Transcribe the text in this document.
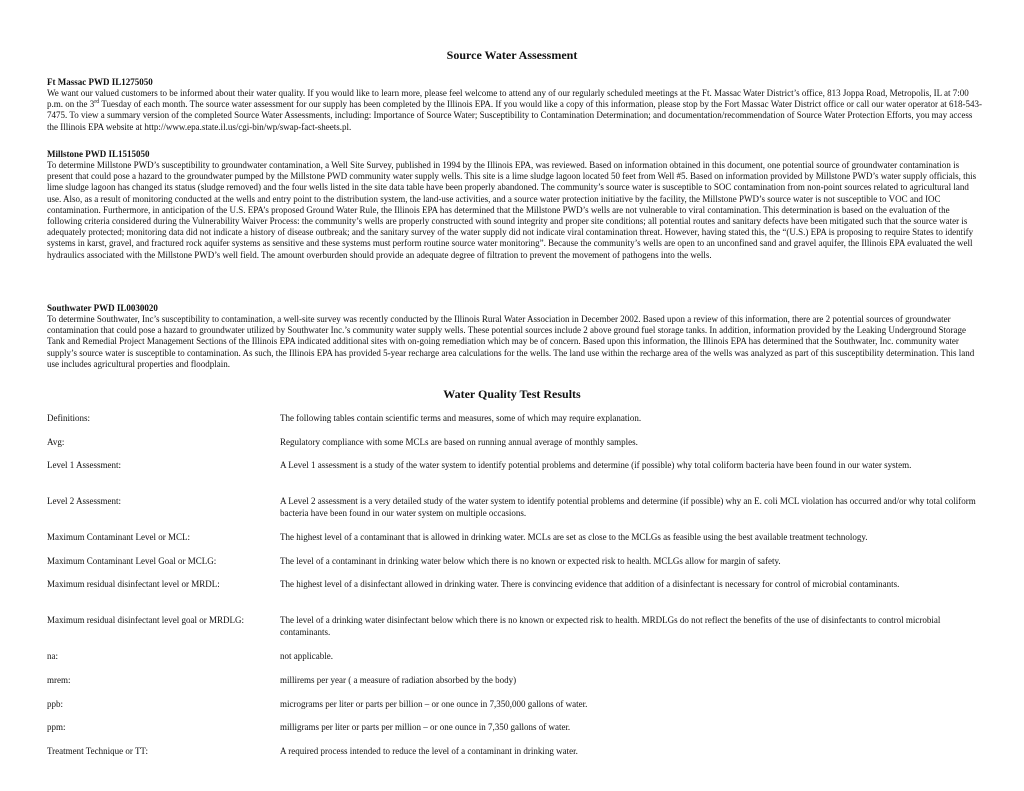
Source Water Assessment
Ft Massac PWD IL1275050
We want our valued customers to be informed about their water quality. If you would like to learn more, please feel welcome to attend any of our regularly scheduled meetings at the Ft. Massac Water District’s office, 813 Joppa Road, Metropolis, IL at 7:00 p.m. on the 3rd Tuesday of each month. The source water assessment for our supply has been completed by the Illinois EPA. If you would like a copy of this information, please stop by the Fort Massac Water District office or call our water operator at 618-543-7475. To view a summary version of the completed Source Water Assessments, including: Importance of Source Water; Susceptibility to Contamination Determination; and documentation/recommendation of Source Water Protection Efforts, you may access the Illinois EPA website at http://www.epa.state.il.us/cgi-bin/wp/swap-fact-sheets.pl.
Millstone PWD IL1515050
To determine Millstone PWD’s susceptibility to groundwater contamination, a Well Site Survey, published in 1994 by the Illinois EPA, was reviewed. Based on information obtained in this document, one potential source of groundwater contamination is present that could pose a hazard to the groundwater pumped by the Millstone PWD community water supply wells. This site is a lime sludge lagoon located 50 feet from Well #5. Based on information provided by Millstone PWD’s water supply officials, this lime sludge lagoon has changed its status (sludge removed) and the four wells listed in the site data table have been properly abandoned. The community’s source water is susceptible to SOC contamination from non-point sources related to agricultural land use. Also, as a result of monitoring conducted at the wells and entry point to the distribution system, the land-use activities, and a source water protection initiative by the facility, the Millstone PWD’s source water is not susceptible to VOC and IOC contamination. Furthermore, in anticipation of the U.S. EPA’s proposed Ground Water Rule, the Illinois EPA has determined that the Millstone PWD’s wells are not vulnerable to viral contamination. This determination is based on the evaluation of the following criteria considered during the Vulnerability Waiver Process: the community’s wells are properly constructed with sound integrity and proper site conditions; all potential routes and sanitary defects have been mitigated such that the source water is adequately protected; monitoring data did not indicate a history of disease outbreak; and the sanitary survey of the water supply did not indicate viral contamination threat. However, having stated this, the “(U.S.) EPA is proposing to require States to identify systems in karst, gravel, and fractured rock aquifer systems as sensitive and these systems must perform routine source water monitoring”. Because the community’s wells are open to an unconfined sand and gravel aquifer, the Illinois EPA evaluated the well hydraulics associated with the Millstone PWD’s well field. The amount overburden should provide an adequate degree of filtration to prevent the movement of pathogens into the wells.
Southwater PWD IL0030020
To determine Southwater, Inc’s susceptibility to contamination, a well-site survey was recently conducted by the Illinois Rural Water Association in December 2002. Based upon a review of this information, there are 2 potential sources of groundwater contamination that could pose a hazard to groundwater utilized by Southwater Inc.’s community water supply wells. These potential sources include 2 above ground fuel storage tanks. In addition, information provided by the Leaking Underground Storage Tank and Remedial Project Management Sections of the Illinois EPA indicated additional sites with on-going remediation which may be of concern. Based upon this information, the Illinois EPA has determined that the Southwater, Inc. community water supply’s source water is susceptible to contamination. As such, the Illinois EPA has provided 5-year recharge area calculations for the wells. The land use within the recharge area of the wells was analyzed as part of this susceptibility determination. This land use includes agricultural properties and floodplain.
Water Quality Test Results
Definitions:	The following tables contain scientific terms and measures, some of which may require explanation.
Avg:	Regulatory compliance with some MCLs are based on running annual average of monthly samples.
Level 1 Assessment:	A Level 1 assessment is a study of the water system to identify potential problems and determine (if possible) why total coliform bacteria have been found in our water system.
Level 2 Assessment:	A Level 2 assessment is a very detailed study of the water system to identify potential problems and determine (if possible) why an E. coli MCL violation has occurred and/or why total coliform bacteria have been found in our water system on multiple occasions.
Maximum Contaminant Level or MCL:	The highest level of a contaminant that is allowed in drinking water. MCLs are set as close to the MCLGs as feasible using the best available treatment technology.
Maximum Contaminant Level Goal or MCLG:	The level of a contaminant in drinking water below which there is no known or expected risk to health. MCLGs allow for margin of safety.
Maximum residual disinfectant level or MRDL:	The highest level of a disinfectant allowed in drinking water. There is convincing evidence that addition of a disinfectant is necessary for control of microbial contaminants.
Maximum residual disinfectant level goal or MRDLG:	The level of a drinking water disinfectant below which there is no known or expected risk to health. MRDLGs do not reflect the benefits of the use of disinfectants to control microbial contaminants.
na:	not applicable.
mrem:	millirems per year ( a measure of radiation absorbed by the body)
ppb:	micrograms per liter or parts per billion – or one ounce in 7,350,000 gallons of water.
ppm:	milligrams per liter or parts per million – or one ounce in 7,350 gallons of water.
Treatment Technique or TT:	A required process intended to reduce the level of a contaminant in drinking water.
